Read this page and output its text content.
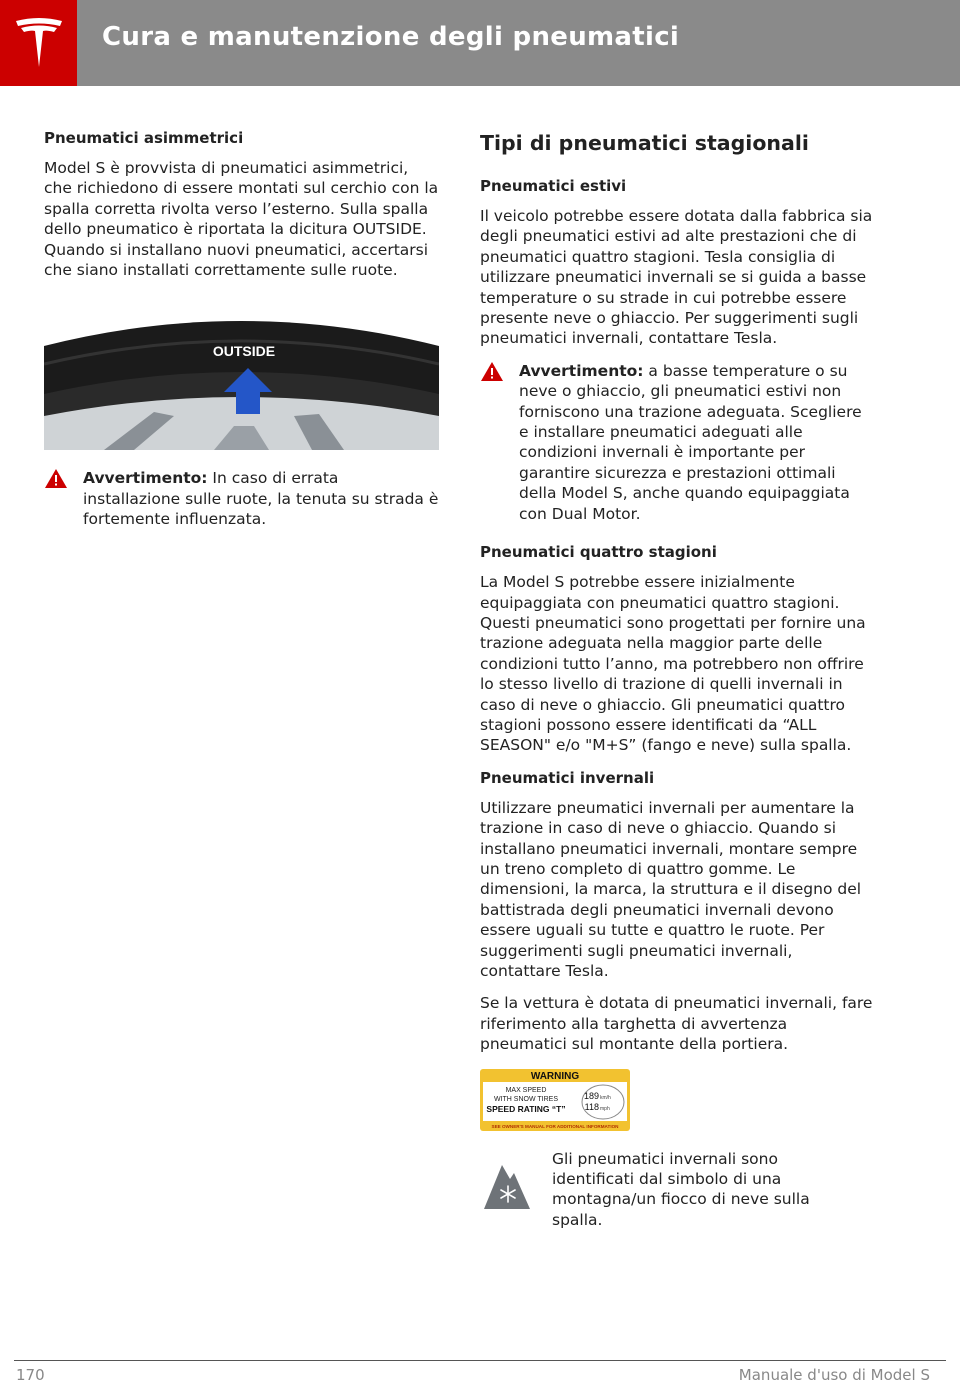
Cura e manutenzione degli pneumatici
Pneumatici asimmetrici

Model S è provvista di pneumatici asimmetrici, che richiedono di essere montati sul cerchio con la spalla corretta rivolta verso l’esterno. Sulla spalla dello pneumatico è riportata la dicitura OUTSIDE. Quando si installano nuovi pneumatici, accertarsi che siano installati correttamente sulle ruote.

OUTSIDE
Avvertimento: In caso di errata installazione sulle ruote, la tenuta su strada è fortemente influenzata.
Tipi di pneumatici stagionali
Pneumatici estivi

Il veicolo potrebbe essere dotata dalla fabbrica sia degli pneumatici estivi ad alte prestazioni che di pneumatici quattro stagioni. Tesla consiglia di utilizzare pneumatici invernali se si guida a basse temperature o su strade in cui potrebbe essere presente neve o ghiaccio. Per suggerimenti sugli pneumatici invernali, contattare Tesla.

Avvertimento: a basse temperature o su neve o ghiaccio, gli pneumatici estivi non forniscono una trazione adeguata. Scegliere e installare pneumatici adeguati alle condizioni invernali è importante per garantire sicurezza e prestazioni ottimali della Model S, anche quando equipaggiata con Dual Motor.
Pneumatici quattro stagioni

La Model S potrebbe essere inizialmente equipaggiata con pneumatici quattro stagioni. Questi pneumatici sono progettati per fornire una trazione adeguata nella maggior parte delle condizioni tutto l’anno, ma potrebbero non offrire lo stesso livello di trazione di quelli invernali in caso di neve o ghiaccio. Gli pneumatici quattro stagioni possono essere identificati da “ALL SEASON" e/o "M+S” (fango e neve) sulla spalla.

Pneumatici invernali

Utilizzare pneumatici invernali per aumentare la trazione in caso di neve o ghiaccio. Quando si installano pneumatici invernali, montare sempre un treno completo di quattro gomme. Le dimensioni, la marca, la struttura e il disegno del battistrada degli pneumatici invernali devono essere uguali su tutte e quattro le ruote. Per suggerimenti sugli pneumatici invernali, contattare Tesla.

Se la vettura è dotata di pneumatici invernali, fare riferimento alla targhetta di avvertenza pneumatici sul montante della portiera.

WARNING
MAX SPEED
WITH SNOW TIRES
SPEED RATING “T”
189 km/h
118 mph
SEE OWNER'S MANUAL FOR ADDITIONAL INFORMATION
Gli pneumatici invernali sono identificati dal simbolo di una montagna/un fiocco di neve sulla spalla.
170	Manuale d'uso di Model S
